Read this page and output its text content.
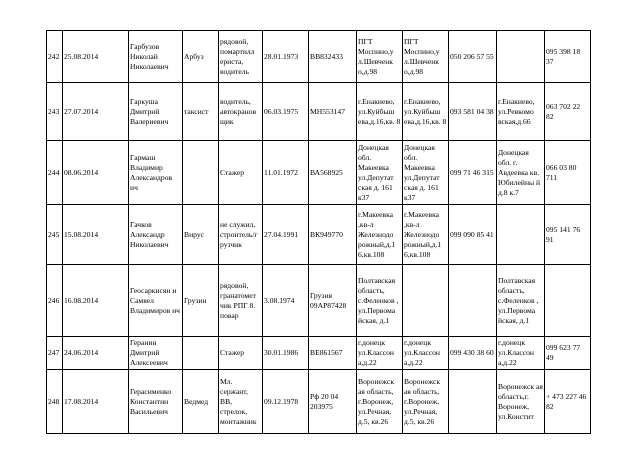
242	25.08.2014	Гарбузов Николай Николаевич	Арбуз	рядовой, помартилл ериста, водитель	28.01.1973	ВВ832433	ПГТ Моспино,у л.Шевченк о,д.98	ПГТ Моспино,у л.Шевченк о,д.98	050 206 57 55		095 398 18 37
243	27.07.2014	Гаркуша Дмитрий Валериевич	таксист	водитель, автокранов щик	06.03.1975	МН553147	г.Енакиево, ул.Куйбыш ева,д.16,кв. 8	г.Енакиево, ул.Куйбыш ева,д.16,кв. 8	093 581 04 38	г.Енакиево, ул.Ревкомо вская,д.66	063 702 22 82
244	08.06.2014	Гармаш Владимир Александров ич		Стажер	11.01.1972	ВА568925	Донецкая обл. Макеевка ул.Депутат ская д. 161 к37	Донецкая обл. Макеевка ул.Депутат ская д. 161 к37	099 71 46 315	Донецкая обл. г. Авдеевка кв. Юбилейны й д.8 к.7	066 03 80 711
245	15.08.2014	Гачков Александр Николаевич	Вирус	не служил, строитель/г рузчик	27.04.1991	ВК949770	г.Макеевка ,кв-л Железнодо рожный,д.1 6,кв.108	г.Макеевка ,кв-л Железнодо рожный,д.1 6,кв.108	099 090 85 41		095 141 76 91
246	16.08.2014	Геосаркисян и Самвел Владимиров ич	Грузин	рядовой, гранатомет чик РПГ 8. повар	3.08.1974	Грузия 09АР87428	Полтавская область, с.Феленков , ул.Первома йская, д.1			Полтавская область, с.Феленков , ул.Первома йская, д.1	
247	24.06.2014	Геранин Дмитрий Алексеевич		Стажер	30.01.1986	ВЕ861567	г.донецк ул.Классон а,д.22	г.донецк ул.Классон а,д.22	099 430 38 60	г.донецк ул.Классон а,д.22	099 623 77 49
248	17.08.2014	Герасименко Константин Васильевич	Ведмед	Мл. сержант, ВВ, стрелок, монтажник	09.12.1978	Рф 20 04 203975	Воронежск ая область, г.Воронеж, ул.Речная, д.5, кв.26	Воронежск ая область, г.Воронеж, ул.Речная, д.5, кв.26		Воронежск ая область,г. Воронеж, ул.Констит	+ 473 227 46 82
